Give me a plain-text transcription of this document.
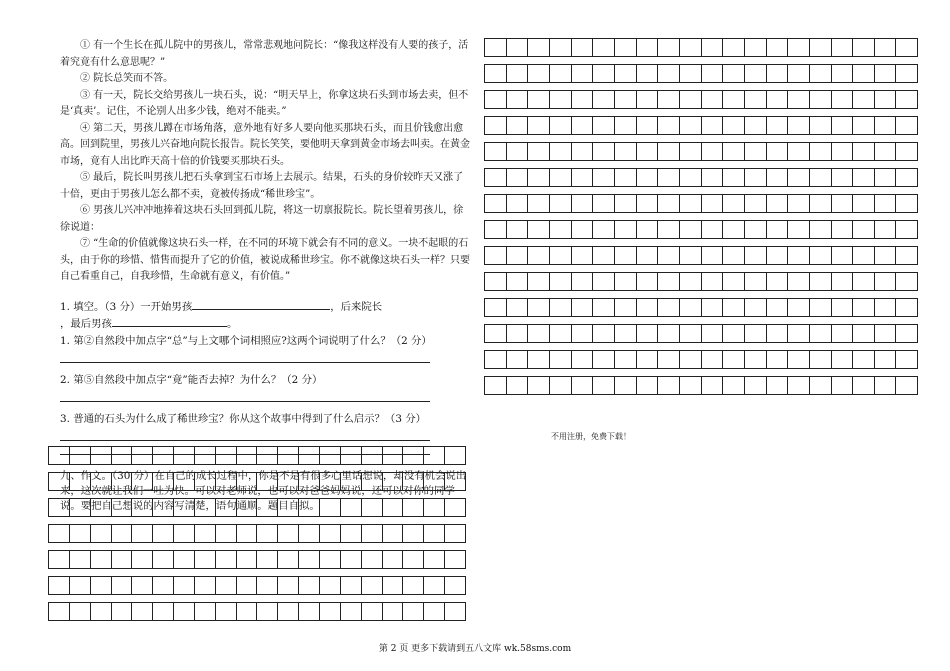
① 有一个生长在孤儿院中的男孩儿，常常悲观地问院长：“像我这样没有人要的孩子，活着究竟有什么意思呢？”

② 院长总笑而不答。

③ 有一天，院长交给男孩儿一块石头，说：“明天早上，你拿这块石头到市场去卖，但不是‘真卖’。记住，不论别人出多少钱，绝对不能卖。”

④ 第二天，男孩儿蹲在市场角落，意外地有好多人要向他买那块石头，而且价钱愈出愈高。回到院里，男孩儿兴奋地向院长报告。院长笑笑，要他明天拿到黄金市场去叫卖。在黄金市场，竟有人出比昨天高十倍的价钱要买那块石头。

⑤ 最后，院长叫男孩儿把石头拿到宝石市场上去展示。结果，石头的身价较昨天又涨了十倍，更由于男孩儿怎么都不卖，竟被传扬成“稀世珍宝”。

⑥ 男孩儿兴冲冲地捧着这块石头回到孤儿院，将这一切禀报院长。院长望着男孩儿，徐徐说道：

⑦ “生命的价值就像这块石头一样，在不同的环境下就会有不同的意义。一块不起眼的石头，由于你的珍惜、惜售而提升了它的价值，被说成稀世珍宝。你不就像这块石头一样？只要自己看重自己，自我珍惜，生命就有意义，有价值。”

1. 填空。（3 分）一开始男孩	，后来院长
，最后男孩	。

1. 第②自然段中加点字“总”与上文哪个词相照应?这两个词说明了什么？（2 分）

2. 第⑤自然段中加点字“竟”能否去掉？为什么？（2 分）

3. 普通的石头为什么成了稀世珍宝？你从这个故事中得到了什么启示？（3 分）

九、作文。（30 分）在自己的成长过程中，你是不是有很多心里话想说，却没有机会说出来，这次就让我们一吐为快。可以对老师说，也可以对爸爸妈妈说，还可以对你的同学说。要把自己想说的内容写清楚，语句通顺。题目自拟。

不用注册，免费下载！
第 2 页 更多下载请到五八文库 wk.58sms.com
